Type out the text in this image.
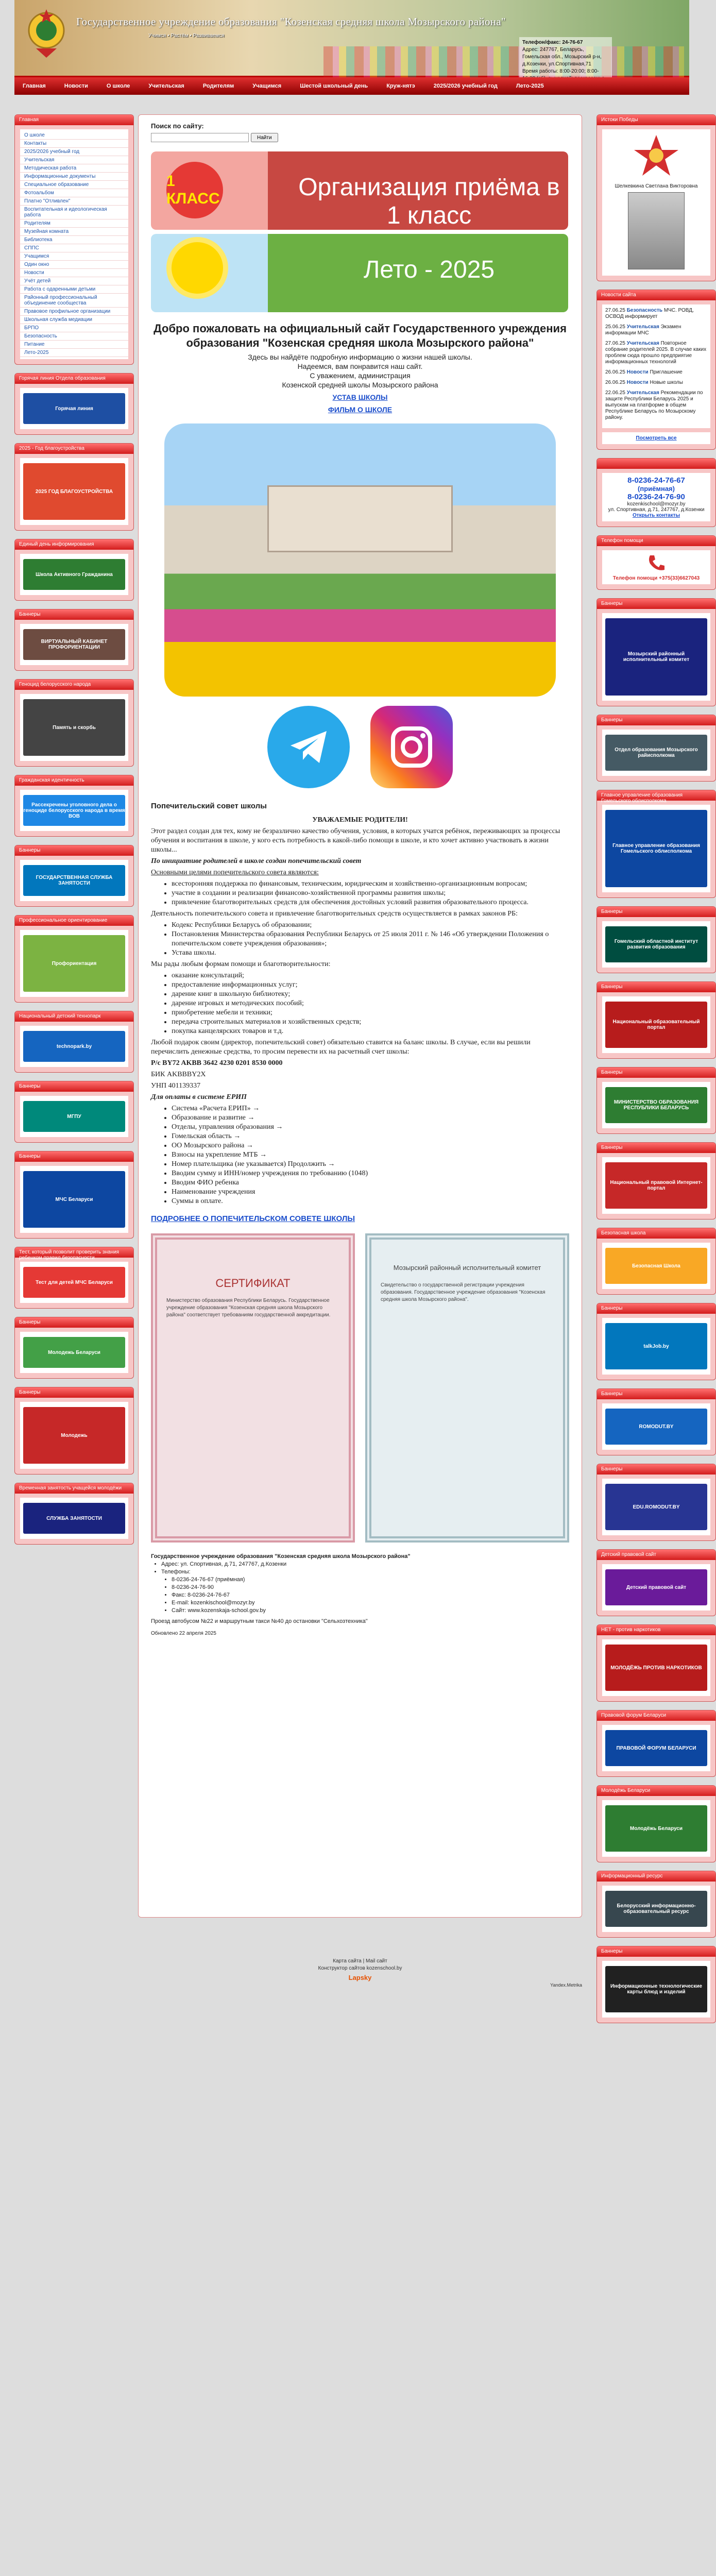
Государственное учреждение образования "Козенская средняя школа Мозырского района"
Учимся • Растём • Развиваемся
Телефон/факс: 24-76-67
Адрес: 247767, Беларусь, Гомельская обл., Мозырский р-н, д.Козенки, ул.Спортивная,71
Время работы: 8:00-20:00; 8:00-
Главная	Новости	О школе	Учительская	Родителям	Учащимся	Шестой школьный день	Круж-нятэ	2025/2026 учебный год	Лето-2025
Главная
О школе
Контакты
2025/2026 учебный год
Учительская
Методическая работа
Информационные документы
Специальное образование
Фотоальбом
Платно "Отливлен"
Воспитательная и идеологическая работа
Родителям
Музейная комната
Библиотека
СППС
Учащимся
Один окно
Новости
Учёт детей
Работа с одаренными детьми
Районный профессиональный объединение сообщества
Правовое профильное организации
Школьная служба медиации
БРПО
Безопасность
Питание
Лето-2025
Горячая линия Отдела образования
Горячая линия
2025 - Год благоустройства
2025 ГОД БЛАГОУСТРОЙСТВА
Единый день информирования
Школа Активного Гражданина
Баннеры
ВИРТУАЛЬНЫЙ КАБИНЕТ ПРОФОРИЕНТАЦИИ
Геноцид белорусского народа
Память и скорбь
Гражданская идентичность
Рассекречены уголовного дела о геноциде белорусского народа в время ВОВ
Баннеры
ГОСУДАРСТВЕННАЯ СЛУЖБА ЗАНЯТОСТИ
Профессиональное ориентирование
Профориентация
Национальный детский технопарк
technopark.by
Баннеры
МГПУ
Баннеры
МЧС Беларуси
Тест, который позволит проверить знания ребенком правил безопасности
Тест для детей МЧС Беларуси
Баннеры
Молодежь Беларуси
Баннеры
Молодежь
Временная занятость учащейся молодёжи
СЛУЖБА ЗАНЯТОСТИ
Поиск по сайту:
Найти
1 КЛАСС	Организация приёма в 1 класс
Лето - 2025
Добро пожаловать на официальный сайт Государственного учреждения образования "Козенская средняя школа Мозырского района"

Здесь вы найдёте подробную информацию о жизни нашей школы.

Надеемся, вам понравится наш сайт.

С уважением, администрация

Козенской средней школы Мозырского района

УСТАВ ШКОЛЫ

ФИЛЬМ О ШКОЛЕ

Попечительский совет школы

УВАЖАЕМЫЕ РОДИТЕЛИ!

Этот раздел создан для тех, кому не безразлично качество обучения, условия, в которых учатся ребёнок, переживающих за процессы обучения и воспитания в школе, у кого есть потребность в какой-либо помощи в школе, и кто хочет активно участвовать в жизни школы...

По инициативе родителей в школе создан попечительский совет

Основными целями попечительского совета являются:

• всесторонняя поддержка по финансовым, техническим, юридическим и хозяйственно-организационным вопросам;
• участие в создании и реализации финансово-хозяйственной программы развития школы;
• привлечение благотворительных средств для обеспечения достойных условий развития образовательного процесса.

Деятельность попечительского совета и привлечение благотворительных средств осуществляется в рамках законов РБ:

• Кодекс Республики Беларусь об образовании;
• Постановления Министерства образования Республики Беларусь от 25 июля 2011 г. № 146 «Об утверждении Положения о попечительском совете учреждения образования»;
• Устава школы.

Мы рады любым формам помощи и благотворительности:

• оказание консультаций;
• предоставление информационных услуг;
• дарение книг в школьную библиотеку;
• дарение игровых и методических пособий;
• приобретение мебели и техники;
• передача строительных материалов и хозяйственных средств;
• покупка канцелярских товаров и т.д.

Любой подарок своим (директор, попечительский совет) обязательно ставится на баланс школы. В случае, если вы решили перечислить денежные средства, то просим перевести их на расчетный счет школы:

Р/с BY72 AKBB 3642 4230 0201 8530 0000

БИК AKBBBY2X

УНП 401139337

Для оплаты в системе ЕРИП

• Система «Расчета ЕРИП» →
• Образование и развитие →
• Отделы, управления образования →
• Гомельская область →
• ОО Мозырского района →
• Взносы на укрепление МТБ →
• Номер плательщика (не указывается) Продолжить →
• Вводим сумму и ИНН/номер учреждения по требованию (1048)
• Вводим ФИО ребенка
• Наименование учреждения
• Суммы в оплате.
ПОДРОБНЕЕ О ПОПЕЧИТЕЛЬСКОМ СОВЕТЕ ШКОЛЫ

СЕРТИФИКАТ

Министерство образования Республики Беларусь. Государственное учреждение образования "Козенская средняя школа Мозырского района" соответствует требованиям государственной аккредитации.

Мозырский районный исполнительный комитет

Свидетельство о государственной регистрации учреждения образования. Государственное учреждение образования "Козенская средняя школа Мозырского района".

Государственное учреждение образования "Козенская средняя школа Мозырского района"

• Адрес: ул. Спортивная, д.71, 247767, д.Козенки
• Телефоны:
• 8-0236-24-76-67 (приёмная)
• 8-0236-24-76-90
• Факс: 8-0236-24-76-67
• E-mail: kozenkischool@mozyr.by
• Сайт: www.kozenskaja-school.gov.by

Проезд автобусом №22 и маршрутным такси №40 до остановки "Сельхозтехника"

Обновлено 22 апреля 2025

Истоки Победы

Шелкевкина Светлана Викторовна

Новости сайта
27.06.25 Безопасность МЧС. РОВД, ОСВОД информирует
25.06.25 Учительская Экзамен информации МЧС
27.06.25 Учительская Повторное собрание родителей 2025. В случае каких проблем сюда прошло предприятие информационных технологий
26.06.25 Новости Приглашение
26.06.25 Новости Новые школы
22.06.25 Учительская Рекомендации по защите Республики Беларусь 2025 и выпускам на платформе в общем Республике Беларусь по Мозырскому району.
Посмотреть все

8-0236-24-76-67

(приёмная)

8-0236-24-76-90

kozenkischool@mozyr.by

ул. Спортивная, д.71, 247767, д.Козенки

Открыть контакты
Телефон помощи

Телефон помощи +375(33)6627043

Баннеры
Мозырский районный исполнительный комитет
Баннеры
Отдел образования Мозырского райисполкома
Главное управление образования Гомельского облисполкома
Главное управление образования Гомельского облисполкома
Баннеры
Гомельский областной институт развития образования
Баннеры
Национальный образовательный портал
Баннеры
МИНИСТЕРСТВО ОБРАЗОВАНИЯ РЕСПУБЛИКИ БЕЛАРУСЬ
Баннеры
Национальный правовой Интернет-портал
Безопасная школа
Безопасная Школа
Баннеры
talkJob.by
Баннеры
ROMODUT.BY
Баннеры
EDU.ROMODUT.BY
Детский правовой сайт
Детский правовой сайт
НЕТ - против наркотиков
МОЛОДЁЖЬ ПРОТИВ НАРКОТИКОВ
Правовой форум Беларуси
ПРАВОВОЙ ФОРУМ БЕЛАРУСИ
Молодёжь Беларуси
Молодёжь Беларуси
Информационный ресурс
Белорусский информационно-образовательный ресурс
Баннеры
Информационные технологические карты блюд и изделий

Карта сайта | Mail сайт

Конструктор сайтов kozenschool.by

Lapsky

Yandex.Metrika
